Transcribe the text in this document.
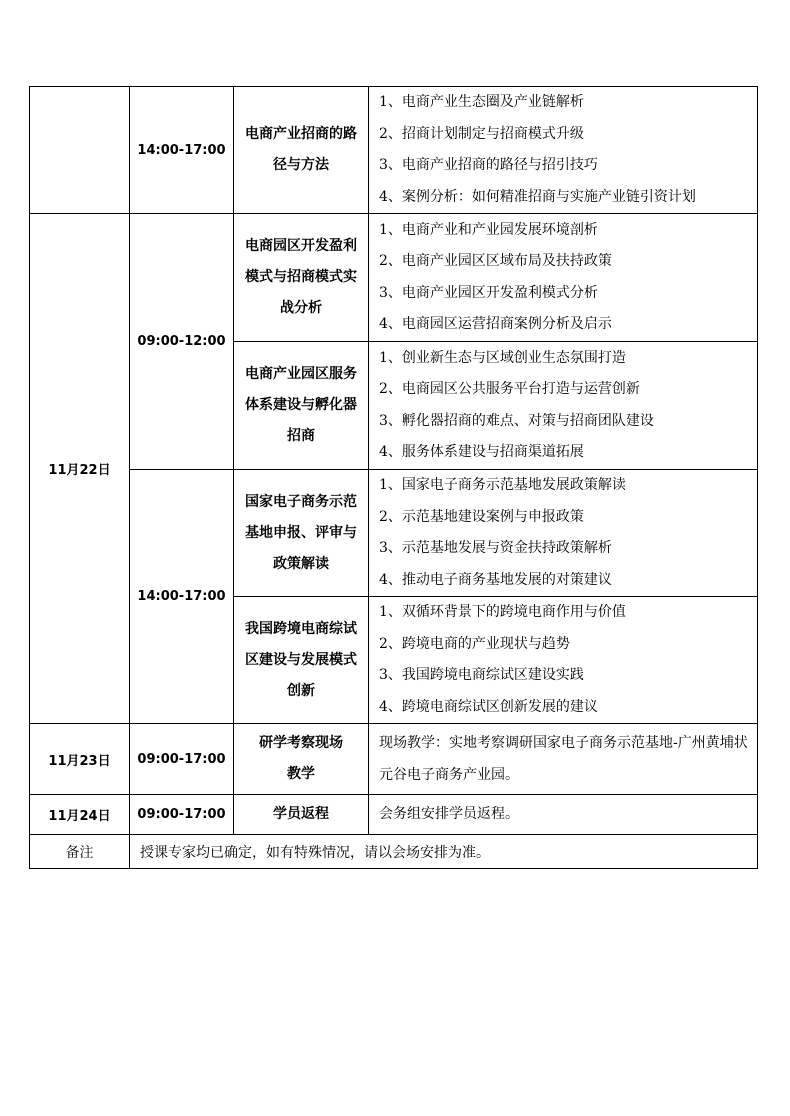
	14:00-17:00	电商产业招商的路径与方法	1、电商产业生态圈及产业链解析
2、招商计划制定与招商模式升级
3、电商产业招商的路径与招引技巧
4、案例分析：如何精准招商与实施产业链引资计划

11月22日	09:00-12:00	电商园区开发盈利模式与招商模式实战分析	1、电商产业和产业园发展环境剖析
2、电商产业园区区域布局及扶持政策
3、电商产业园区开发盈利模式分析
4、电商园区运营招商案例分析及启示

		电商产业园区服务体系建设与孵化器招商	1、创业新生态与区域创业生态氛围打造
2、电商园区公共服务平台打造与运营创新
3、孵化器招商的难点、对策与招商团队建设
4、服务体系建设与招商渠道拓展

	14:00-17:00	国家电子商务示范基地申报、评审与政策解读	1、国家电子商务示范基地发展政策解读
2、示范基地建设案例与申报政策
3、示范基地发展与资金扶持政策解析
4、推动电子商务基地发展的对策建议

		我国跨境电商综试区建设与发展模式创新	1、双循环背景下的跨境电商作用与价值
2、跨境电商的产业现状与趋势
3、我国跨境电商综试区建设实践
4、跨境电商综试区创新发展的建议

11月23日	09:00-17:00	研学考察现场教学	现场教学：实地考察调研国家电子商务示范基地-广州黄埔状元谷电子商务产业园。

11月24日	09:00-17:00	学员返程	会务组安排学员返程。

备注	授课专家均已确定，如有特殊情况，请以会场安排为准。		
